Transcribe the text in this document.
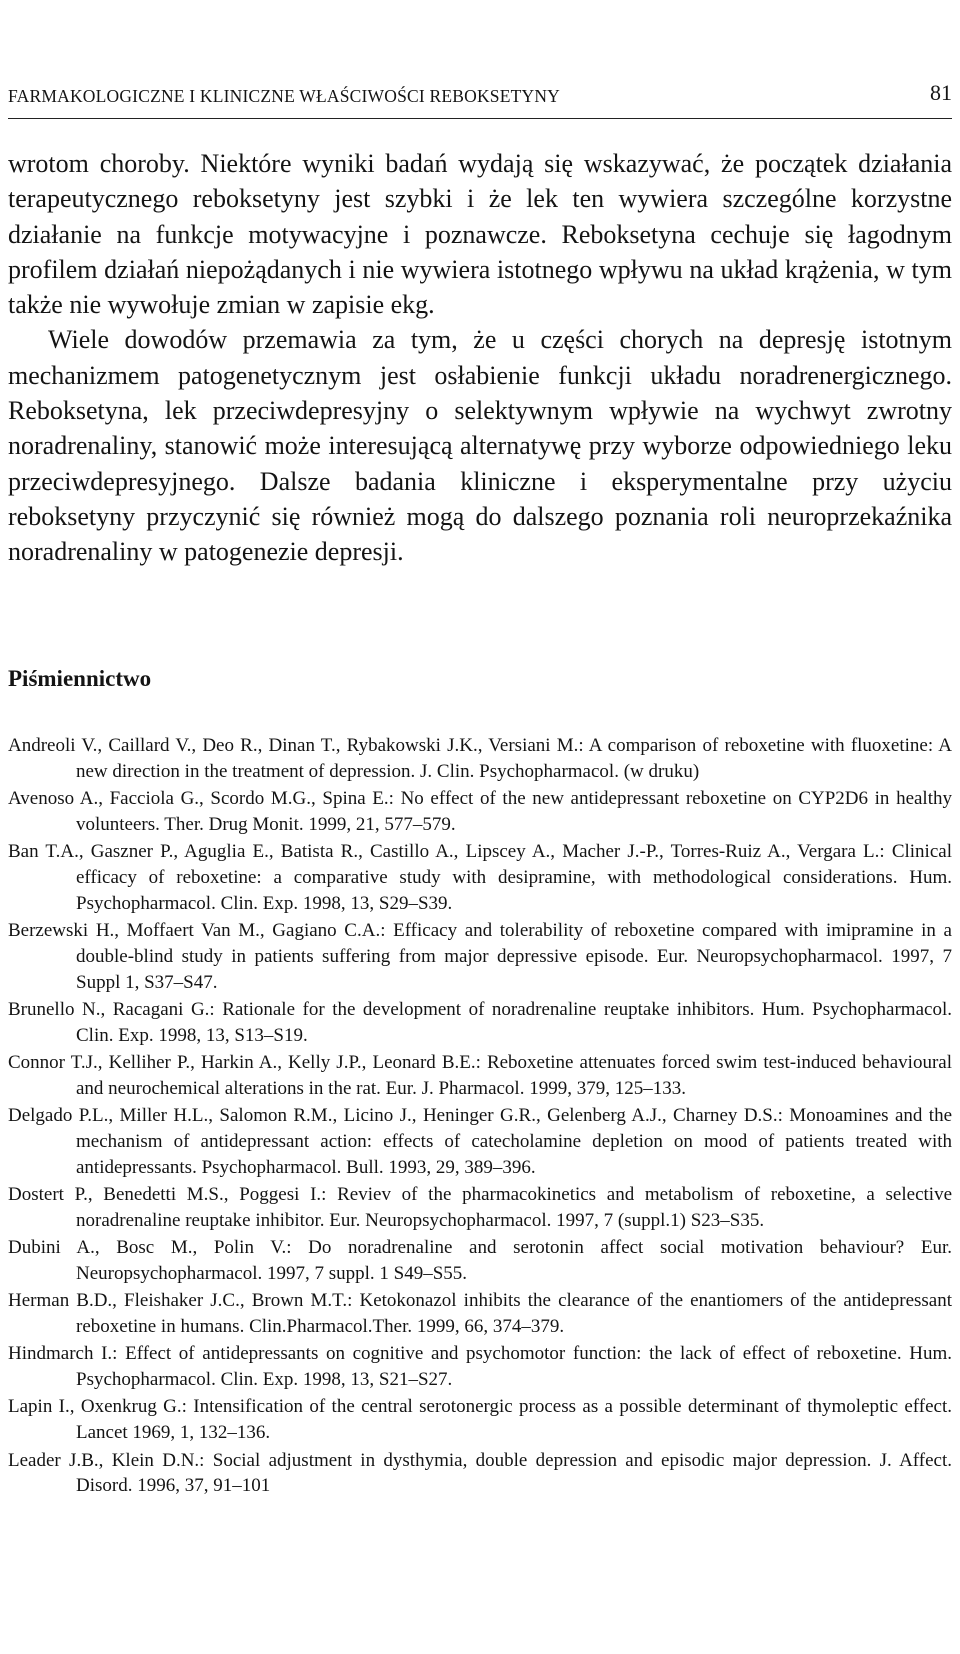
FARMAKOLOGICZNE I KLINICZNE WŁAŚCIWOŚCI REBOKSETYNY	81

wrotom choroby. Niektóre wyniki badań wydają się wskazywać, że początek działania terapeutycznego reboksetyny jest szybki i że lek ten wywiera szczególne korzystne działanie na funkcje motywacyjne i poznawcze. Reboksetyna cechuje się łagodnym profilem działań niepożądanych i nie wywiera istotnego wpływu na układ krążenia, w tym także nie wywołuje zmian w zapisie ekg.

Wiele dowodów przemawia za tym, że u części chorych na depresję istotnym mechanizmem patogenetycznym jest osłabienie funkcji układu noradrenergicznego. Reboksetyna, lek przeciwdepresyjny o selektywnym wpływie na wychwyt zwrotny noradrenaliny, stanowić może interesującą alternatywę przy wyborze odpowiedniego leku przeciwdepresyjnego. Dalsze badania kliniczne i eksperymentalne przy użyciu reboksetyny przyczynić się również mogą do dalszego poznania roli neuroprzekaźnika noradrenaliny w patogenezie depresji.

Piśmiennictwo

Andreoli V., Caillard V., Deo R., Dinan T., Rybakowski J.K., Versiani M.: A comparison of reboxetine with fluoxetine: A new direction in the treatment of depression. J. Clin. Psychopharmacol. (w druku)

Avenoso A., Facciola G., Scordo M.G., Spina E.: No effect of the new antidepressant reboxetine on CYP2D6 in healthy volunteers. Ther. Drug Monit. 1999, 21, 577–579.

Ban T.A., Gaszner P., Aguglia E., Batista R., Castillo A., Lipscey A., Macher J.-P., Torres-Ruiz A., Vergara L.: Clinical efficacy of reboxetine: a comparative study with desipramine, with methodological considerations. Hum. Psychopharmacol. Clin. Exp. 1998, 13, S29–S39.

Berzewski H., Moffaert Van M., Gagiano C.A.: Efficacy and tolerability of reboxetine compared with imipramine in a double-blind study in patients suffering from major depressive episode. Eur. Neuropsychopharmacol. 1997, 7 Suppl 1, S37–S47.

Brunello N., Racagani G.: Rationale for the development of noradrenaline reuptake inhibitors. Hum. Psychopharmacol. Clin. Exp. 1998, 13, S13–S19.

Connor T.J., Kelliher P., Harkin A., Kelly J.P., Leonard B.E.: Reboxetine attenuates forced swim test-induced behavioural and neurochemical alterations in the rat. Eur. J. Pharmacol. 1999, 379, 125–133.

Delgado P.L., Miller H.L., Salomon R.M., Licino J., Heninger G.R., Gelenberg A.J., Charney D.S.: Monoamines and the mechanism of antidepressant action: effects of catecholamine depletion on mood of patients treated with antidepressants. Psychopharmacol. Bull. 1993, 29, 389–396.

Dostert P., Benedetti M.S., Poggesi I.: Reviev of the pharmacokinetics and metabolism of reboxetine, a selective noradrenaline reuptake inhibitor. Eur. Neuropsychopharmacol. 1997, 7 (suppl.1) S23–S35.

Dubini A., Bosc M., Polin V.: Do noradrenaline and serotonin affect social motivation behaviour? Eur. Neuropsychopharmacol. 1997, 7 suppl. 1 S49–S55.

Herman B.D., Fleishaker J.C., Brown M.T.: Ketokonazol inhibits the clearance of the enantiomers of the antidepressant reboxetine in humans. Clin.Pharmacol.Ther. 1999, 66, 374–379.

Hindmarch I.: Effect of antidepressants on cognitive and psychomotor function: the lack of effect of reboxetine. Hum. Psychopharmacol. Clin. Exp. 1998, 13, S21–S27.

Lapin I., Oxenkrug G.: Intensification of the central serotonergic process as a possible determinant of thymoleptic effect. Lancet 1969, 1, 132–136.

Leader J.B., Klein D.N.: Social adjustment in dysthymia, double depression and episodic major depression. J. Affect. Disord. 1996, 37, 91–101
